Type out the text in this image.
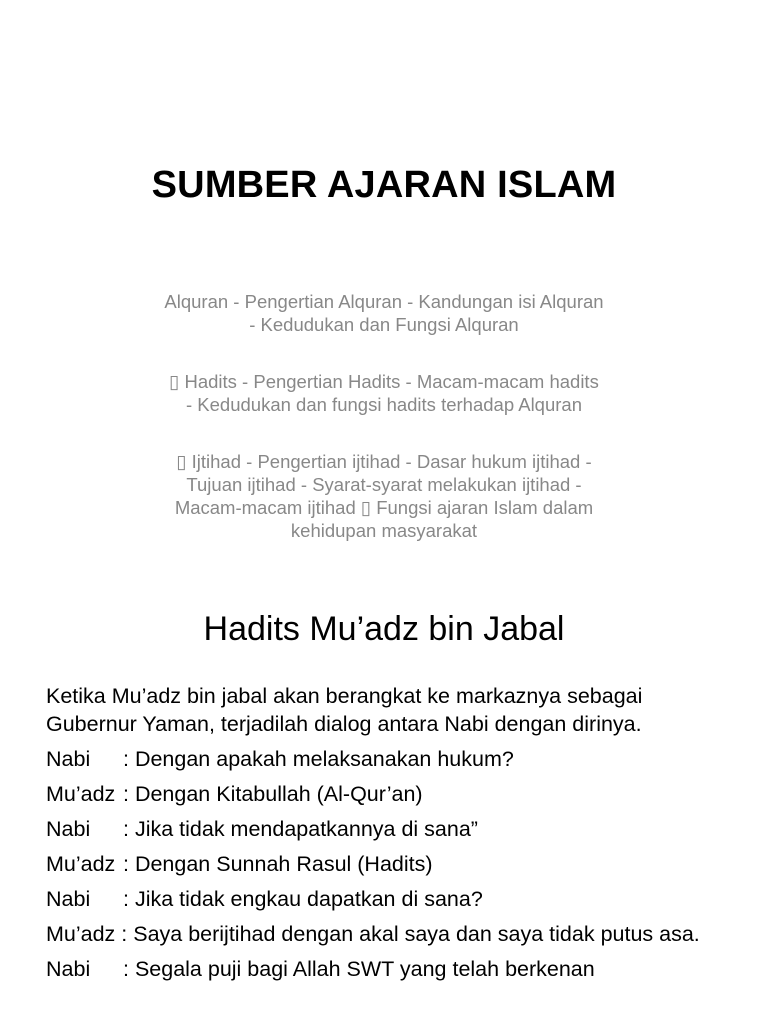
SUMBER AJARAN ISLAM
Alquran - Pengertian Alquran - Kandungan isi Alquran
- Kedudukan dan Fungsi Alquran
▯ Hadits - Pengertian Hadits - Macam-macam hadits
- Kedudukan dan fungsi hadits terhadap Alquran
▯ Ijtihad - Pengertian ijtihad - Dasar hukum ijtihad -
Tujuan ijtihad - Syarat-syarat melakukan ijtihad -
Macam-macam ijtihad ▯ Fungsi ajaran Islam dalam
kehidupan masyarakat
Hadits Mu’adz bin Jabal

Ketika Mu’adz bin jabal akan berangkat ke markaznya sebagai
Gubernur Yaman, terjadilah dialog antara Nabi dengan dirinya.

Nabi : Dengan apakah melaksanakan hukum?

Mu’adz : Dengan Kitabullah (Al-Qur’an)

Nabi : Jika tidak mendapatkannya di sana”

Mu’adz : Dengan Sunnah Rasul (Hadits)

Nabi : Jika tidak engkau dapatkan di sana?

Mu’adz : Saya berijtihad dengan akal saya dan saya tidak putus asa.

Nabi : Segala puji bagi Allah SWT yang telah berkenan
